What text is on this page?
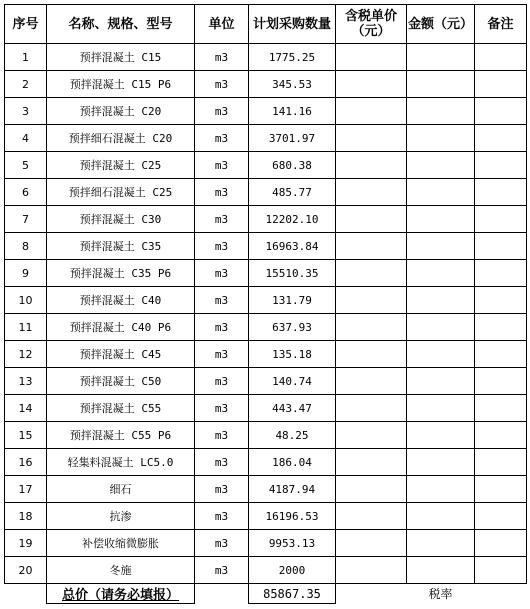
序号	名称、规格、型号	单位	计划采购数量	含税单价（元）	金额（元）	备注
1	预拌混凝土 C15	m3	1775.25			
2	预拌混凝土 C15 P6	m3	345.53			
3	预拌混凝土 C20	m3	141.16			
4	预拌细石混凝土 C20	m3	3701.97			
5	预拌混凝土 C25	m3	680.38			
6	预拌细石混凝土 C25	m3	485.77			
7	预拌混凝土 C30	m3	12202.10			
8	预拌混凝土 C35	m3	16963.84			
9	预拌混凝土 C35 P6	m3	15510.35			
10	预拌混凝土 C40	m3	131.79			
11	预拌混凝土 C40 P6	m3	637.93			
12	预拌混凝土 C45	m3	135.18			
13	预拌混凝土 C50	m3	140.74			
14	预拌混凝土 C55	m3	443.47			
15	预拌混凝土 C55 P6	m3	48.25			
16	轻集料混凝土 LC5.0	m3	186.04			
17	细石	m3	4187.94			
18	抗渗	m3	16196.53			
19	补偿收缩微膨胀	m3	9953.13			
20	冬施	m3	2000			
	总价（请务必填报）		85867.35		税率	
